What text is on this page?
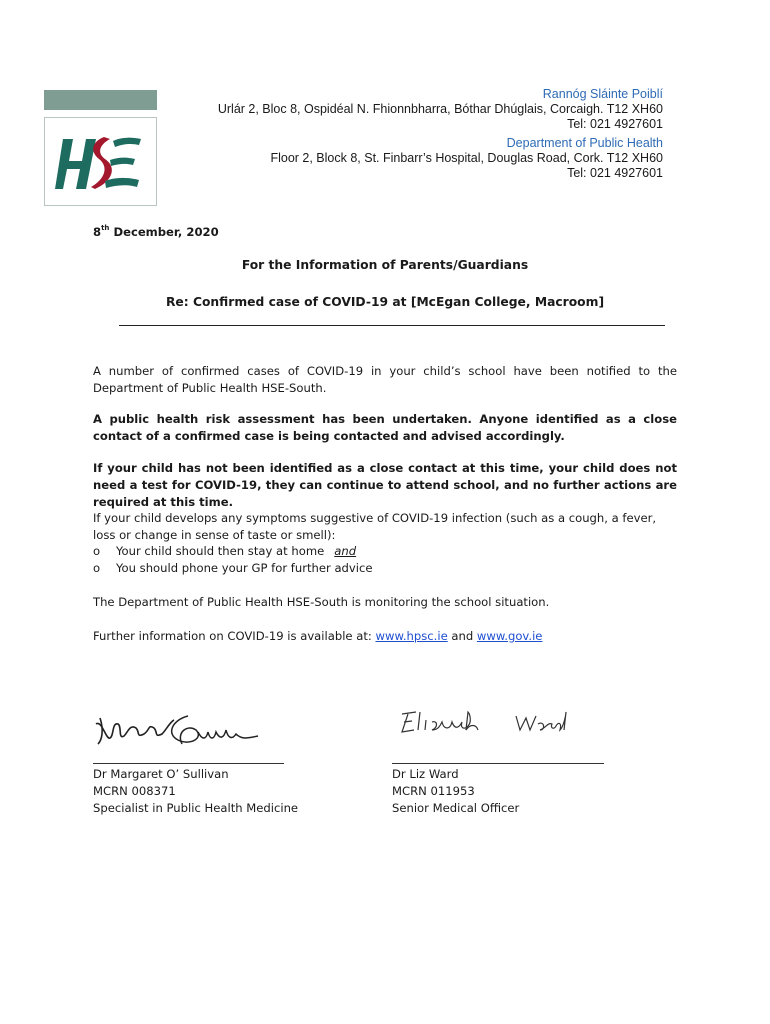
Rannóg Sláinte Poiblí
Urlár 2, Bloc 8, Ospidéal N. Fhionnbharra, Bóthar Dhúglais, Corcaigh. T12 XH60
Tel: 021 4927601
Department of Public Health
Floor 2, Block 8, St. Finbarr’s Hospital, Douglas Road, Cork. T12 XH60
Tel: 021 4927601
8th December, 2020
For the Information of Parents/Guardians
Re: Confirmed case of COVID-19 at [McEgan College, Macroom]

A number of confirmed cases of COVID-19 in your child’s school have been notified to the Department of Public Health HSE-South.

A public health risk assessment has been undertaken. Anyone identified as a close contact of a confirmed case is being contacted and advised accordingly.

If your child has not been identified as a close contact at this time, your child does not need a test for COVID-19, they can continue to attend school, and no further actions are required at this time.

If your child develops any symptoms suggestive of COVID-19 infection (such as a cough, a fever, loss or change in sense of taste or smell):

o Your child should then stay at home and
o You should phone your GP for further advice

The Department of Public Health HSE-South is monitoring the school situation.

Further information on COVID-19 is available at: www.hpsc.ie and www.gov.ie

Dr Margaret O’ Sullivan
MCRN 008371
Specialist in Public Health Medicine
Dr Liz Ward
MCRN 011953
Senior Medical Officer
